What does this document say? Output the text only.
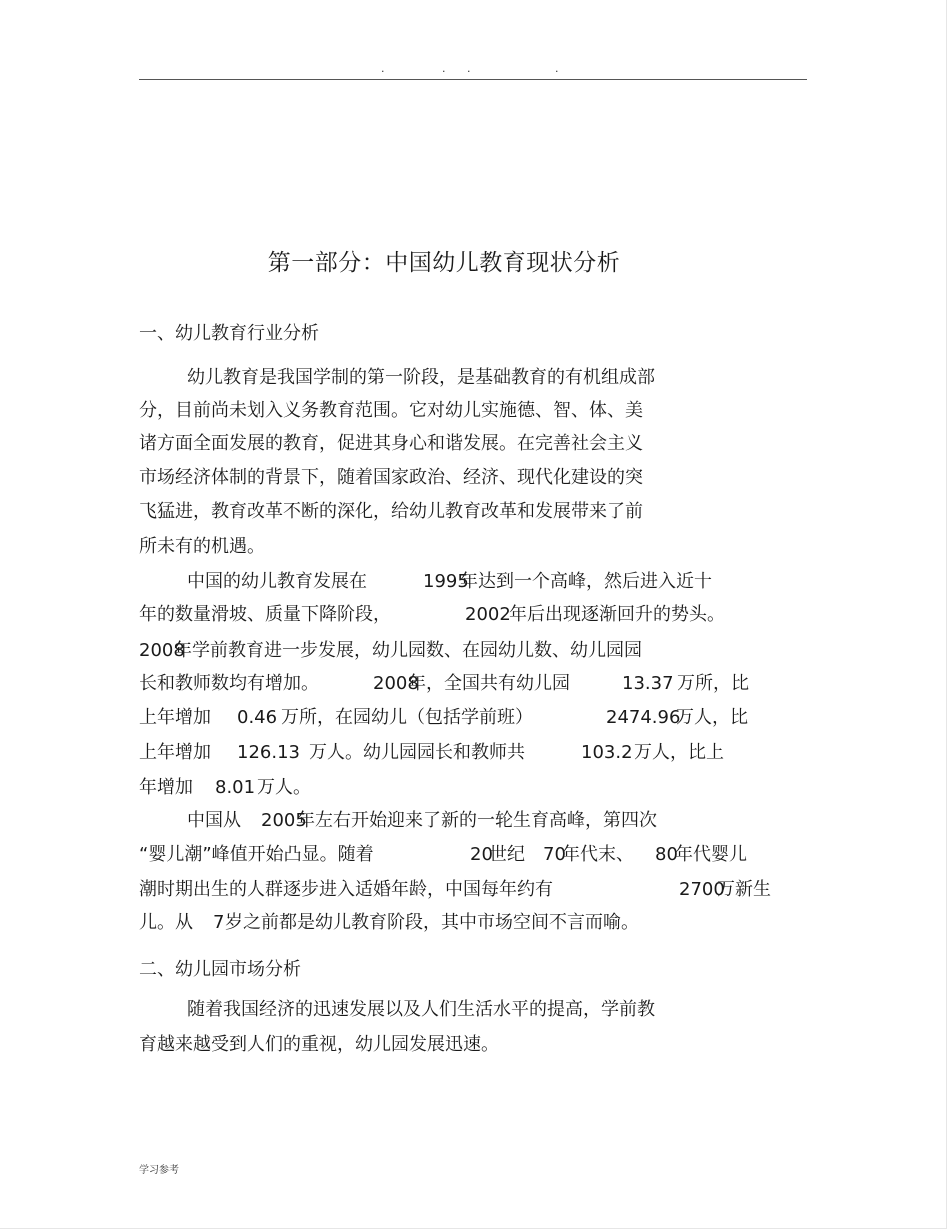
.	. .	.
第一部分：中国幼儿教育现状分析
一、幼儿教育行业分析
幼儿教育是我国学制的第一阶段，是基础教育的有机组成部
分，目前尚未划入义务教育范围。它对幼儿实施德、智、体、美
诸方面全面发展的教育，促进其身心和谐发展。在完善社会主义
市场经济体制的背景下，随着国家政治、经济、现代化建设的突
飞猛进，教育改革不断的深化，给幼儿教育改革和发展带来了前
所未有的机遇。
中国的幼儿教育发展在	1995
年达到一个高峰，然后进入近十
年的数量滑坡、质量下降阶段，	2002
年后出现逐渐回升的势头。
2008
年学前教育进一步发展，幼儿园数、在园幼儿数、幼儿园园
长和教师数均有增加。	2008
年，全国共有幼儿园	13.37 万所，比
上年增加 0.46 万所，在园幼儿（包括学前班）	2474.96
万人，比
上年增加 126.13 万人。幼儿园园长和教师共	103.2 万人，比上
年增加 8.01 万人。
中国从 2005
年左右开始迎来了新的一轮生育高峰，第四次
“婴儿潮”峰值开始凸显。随着	20
世纪 70
年代末、 80
年代婴儿
潮时期出生的人群逐步进入适婚年龄，中国每年约有	2700
万新生
儿。从 7 岁之前都是幼儿教育阶段，其中市场空间不言而喻。
二、幼儿园市场分析
随着我国经济的迅速发展以及人们生活水平的提高，学前教
育越来越受到人们的重视，幼儿园发展迅速。
学习参考
